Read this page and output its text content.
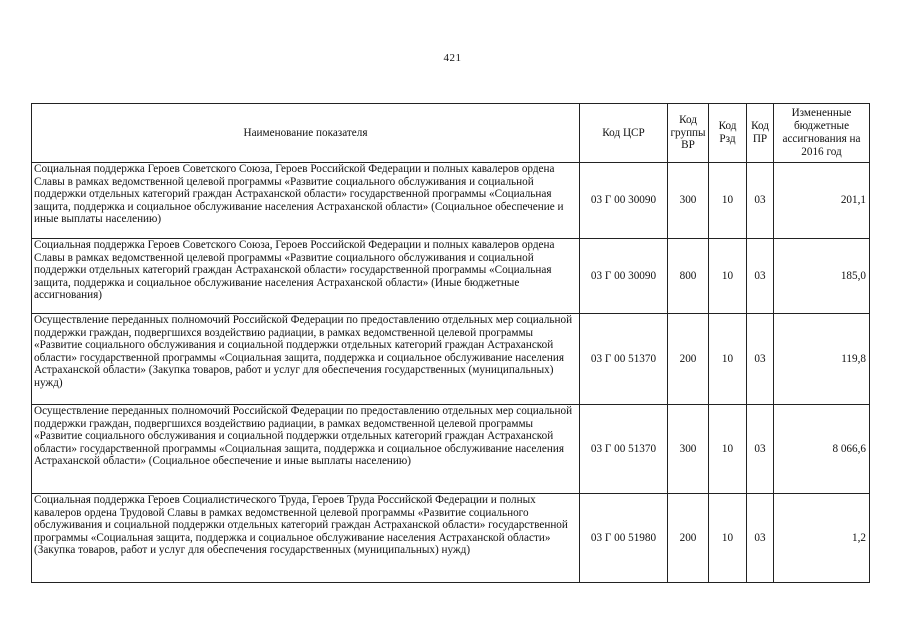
421
Наименование показателя	Код ЦСР	Код группы ВР	Код Рзд	Код ПР	Измененные бюджетные ассигнования на 2016 год
Социальная поддержка Героев Советского Союза, Героев Российской Федерации и полных кавалеров ордена Славы в рамках ведомственной целевой программы «Развитие социального обслуживания и социальной поддержки отдельных категорий граждан Астраханской области» государственной программы «Социальная защита, поддержка и социальное обслуживание населения Астраханской области» (Социальное обеспечение и иные выплаты населению)	03 Г 00 30090	300	10	03	201,1
Социальная поддержка Героев Советского Союза, Героев Российской Федерации и полных кавалеров ордена Славы в рамках ведомственной целевой программы «Развитие социального обслуживания и социальной поддержки отдельных категорий граждан Астраханской области» государственной программы «Социальная защита, поддержка и социальное обслуживание населения Астраханской области» (Иные бюджетные ассигнования)	03 Г 00 30090	800	10	03	185,0
Осуществление переданных полномочий Российской Федерации по предоставлению отдельных мер социальной поддержки граждан, подвергшихся воздействию радиации, в рамках ведомственной целевой программы «Развитие социального обслуживания и социальной поддержки отдельных категорий граждан Астраханской области» государственной программы «Социальная защита, поддержка и социальное обслуживание населения Астраханской области» (Закупка товаров, работ и услуг для обеспечения государственных (муниципальных) нужд)	03 Г 00 51370	200	10	03	119,8
Осуществление переданных полномочий Российской Федерации по предоставлению отдельных мер социальной поддержки граждан, подвергшихся воздействию радиации, в рамках ведомственной целевой программы «Развитие социального обслуживания и социальной поддержки отдельных категорий граждан Астраханской области» государственной программы «Социальная защита, поддержка и социальное обслуживание населения Астраханской области» (Социальное обеспечение и иные выплаты населению)	03 Г 00 51370	300	10	03	8 066,6
Социальная поддержка Героев Социалистического Труда, Героев Труда Российской Федерации и полных кавалеров ордена Трудовой Славы в рамках ведомственной целевой программы «Развитие социального обслуживания и социальной поддержки отдельных категорий граждан Астраханской области» государственной программы «Социальная защита, поддержка и социальное обслуживание населения Астраханской области» (Закупка товаров, работ и услуг для обеспечения государственных (муниципальных) нужд)	03 Г 00 51980	200	10	03	1,2
